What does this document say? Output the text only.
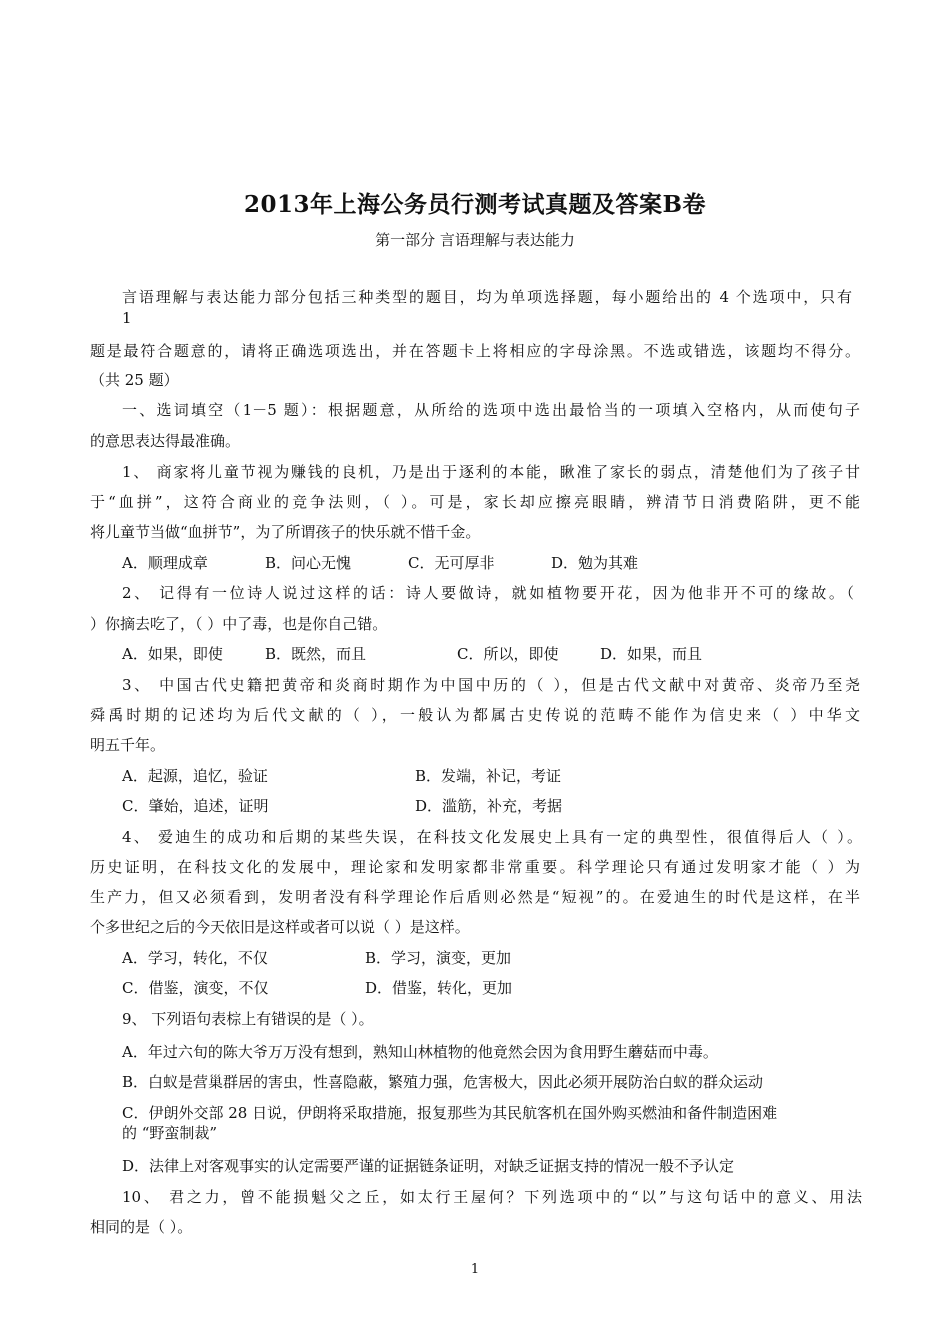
2013年上海公务员行测考试真题及答案B卷
第一部分 言语理解与表达能力
言语理解与表达能力部分包括三种类型的题目，均为单项选择题，每小题给出的 4 个选项中，只有
1
题是最符合题意的，请将正确选项选出，并在答题卡上将相应的字母涂黑。不选或错选，该题均不得分。
（共 25 题）
一、选词填空（1－5 题）：根据题意，从所给的选项中选出最恰当的一项填入空格内，从而使句子
的意思表达得最准确。
1、 商家将儿童节视为赚钱的良机，乃是出于逐利的本能，瞅准了家长的弱点，清楚他们为了孩子甘
于“血拼”，这符合商业的竞争法则，（ ）。可是，家长却应擦亮眼睛，辨清节日消费陷阱，更不能
将儿童节当做“血拼节”，为了所谓孩子的快乐就不惜千金。
A．顺理成章	B．问心无愧	C．无可厚非	D．勉为其难
2、 记得有一位诗人说过这样的话：诗人要做诗，就如植物要开花，因为他非开不可的缘故。（
）你摘去吃了，（ ）中了毒，也是你自己错。
A．如果，即使	B．既然，而且	C．所以，即使	D．如果，而且
3、 中国古代史籍把黄帝和炎商时期作为中国中历的（ ），但是古代文献中对黄帝、炎帝乃至尧
舜禹时期的记述均为后代文献的（ ），一般认为都属古史传说的范畴不能作为信史来（ ）中华文
明五千年。
A．起源，追忆，验证	B．发端，补记，考证
C．肇始，追述，证明	D．滥筋，补充，考据
4、 爱迪生的成功和后期的某些失误，在科技文化发展史上具有一定的典型性，很值得后人（ ）。
历史证明，在科技文化的发展中，理论家和发明家都非常重要。科学理论只有通过发明家才能（ ）为
生产力，但又必须看到，发明者没有科学理论作后盾则必然是“短视”的。在爱迪生的时代是这样，在半
个多世纪之后的今天依旧是这样或者可以说（ ）是这样。
A．学习，转化，不仅	B．学习，演变，更加
C．借鉴，演变，不仅	D．借鉴，转化，更加
9、 下列语句表棕上有错误的是（ ）。
A．年过六旬的陈大爷万万没有想到，熟知山林植物的他竟然会因为食用野生蘑菇而中毒。
B．白蚁是营巢群居的害虫，性喜隐蔽，繁殖力强，危害极大，因此必须开展防治白蚁的群众运动
C．伊朗外交部 28 日说，伊朗将采取措施，报复那些为其民航客机在国外购买燃油和备件制造困难
的 “野蛮制裁”
D．法律上对客观事实的认定需要严谨的证据链条证明，对缺乏证据支持的情况一般不予认定
10、 君之力，曾不能损魁父之丘，如太行王屋何？下列选项中的“以”与这句话中的意义、用法
相同的是（ ）。
1
